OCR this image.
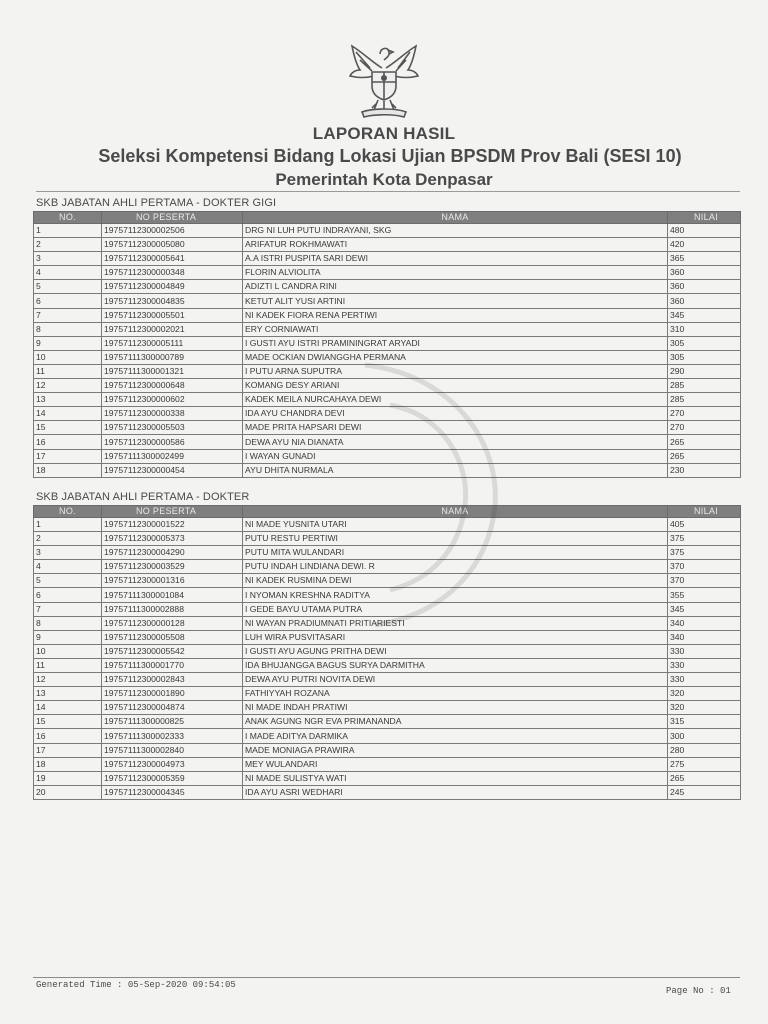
LAPORAN HASIL
Seleksi Kompetensi Bidang Lokasi Ujian BPSDM Prov Bali (SESI 10)
Pemerintah Kota Denpasar
SKB JABATAN AHLI PERTAMA - DOKTER GIGI
NO.	NO PESERTA	NAMA	NILAI
1	19757112300002506	DRG NI LUH PUTU INDRAYANI, SKG	480
2	19757112300005080	ARIFATUR ROKHMAWATI	420
3	19757112300005641	A.A ISTRI PUSPITA SARI DEWI	365
4	19757112300000348	FLORIN ALVIOLITA	360
5	19757112300004849	ADIZTI L CANDRA RINI	360
6	19757112300004835	KETUT ALIT YUSI ARTINI	360
7	19757112300005501	NI KADEK FIORA RENA PERTIWI	345
8	19757112300002021	ERY CORNIAWATI	310
9	19757112300005111	I GUSTI AYU ISTRI PRAMININGRAT ARYADI	305
10	19757111300000789	MADE OCKIAN DWIANGGHA PERMANA	305
11	19757111300001321	I PUTU ARNA SUPUTRA	290
12	19757112300000648	KOMANG DESY ARIANI	285
13	19757112300000602	KADEK MEILA NURCAHAYA DEWI	285
14	19757112300000338	IDA AYU CHANDRA DEVI	270
15	19757112300005503	MADE PRITA HAPSARI DEWI	270
16	19757112300000586	DEWA AYU NIA DIANATA	265
17	19757111300002499	I WAYAN GUNADI	265
18	19757112300000454	AYU DHITA NURMALA	230
SKB JABATAN AHLI PERTAMA - DOKTER
NO.	NO PESERTA	NAMA	NILAI
1	19757112300001522	NI MADE YUSNITA UTARI	405
2	19757112300005373	PUTU RESTU PERTIWI	375
3	19757112300004290	PUTU MITA WULANDARI	375
4	19757112300003529	PUTU INDAH LINDIANA DEWI. R	370
5	19757112300001316	NI KADEK RUSMINA DEWI	370
6	19757111300001084	I NYOMAN KRESHNA RADITYA	355
7	19757111300002888	I GEDE BAYU UTAMA PUTRA	345
8	19757112300000128	NI WAYAN PRADIUMNATI PRITIARIESTI	340
9	19757112300005508	LUH WIRA PUSVITASARI	340
10	19757112300005542	I GUSTI AYU AGUNG PRITHA DEWI	330
11	19757111300001770	IDA BHUJANGGA BAGUS SURYA DARMITHA	330
12	19757112300002843	DEWA AYU PUTRI NOVITA DEWI	330
13	19757112300001890	FATHIYYAH ROZANA	320
14	19757112300004874	NI MADE INDAH PRATIWI	320
15	19757111300000825	ANAK AGUNG NGR EVA PRIMANANDA	315
16	19757111300002333	I MADE ADITYA DARMIKA	300
17	19757111300002840	MADE MONIAGA PRAWIRA	280
18	19757112300004973	MEY WULANDARI	275
19	19757112300005359	NI MADE SULISTYA WATI	265
20	19757112300004345	IDA AYU ASRI WEDHARI	245
Generated Time : 05-Sep-2020 09:54:05
Page No : 01
